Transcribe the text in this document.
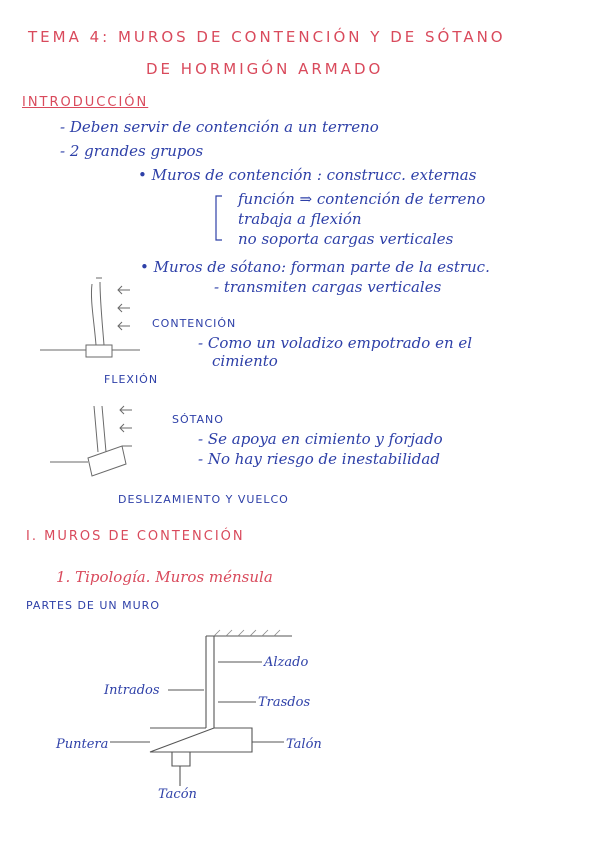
TEMA 4: MUROS DE CONTENCIÓN Y DE SÓTANO
DE HORMIGÓN ARMADO
INTRODUCCIÓN
- Deben servir de contención a un terreno
- 2 grandes grupos
• Muros de contención : construcc. externas
función ⇒ contención de terreno
trabaja a flexión
no soporta cargas verticales
• Muros de sótano: forman parte de la estruc.
- transmiten cargas verticales
CONTENCIÓN
- Como un voladizo empotrado en el
cimiento
FLEXIÓN
SÓTANO
- Se apoya en cimiento y forjado
- No hay riesgo de inestabilidad
DESLIZAMIENTO Y VUELCO
I. MUROS DE CONTENCIÓN
1. Tipología. Muros ménsula
PARTES DE UN MURO
Alzado
Intrados
Trasdos
Puntera	Talón
Tacón
